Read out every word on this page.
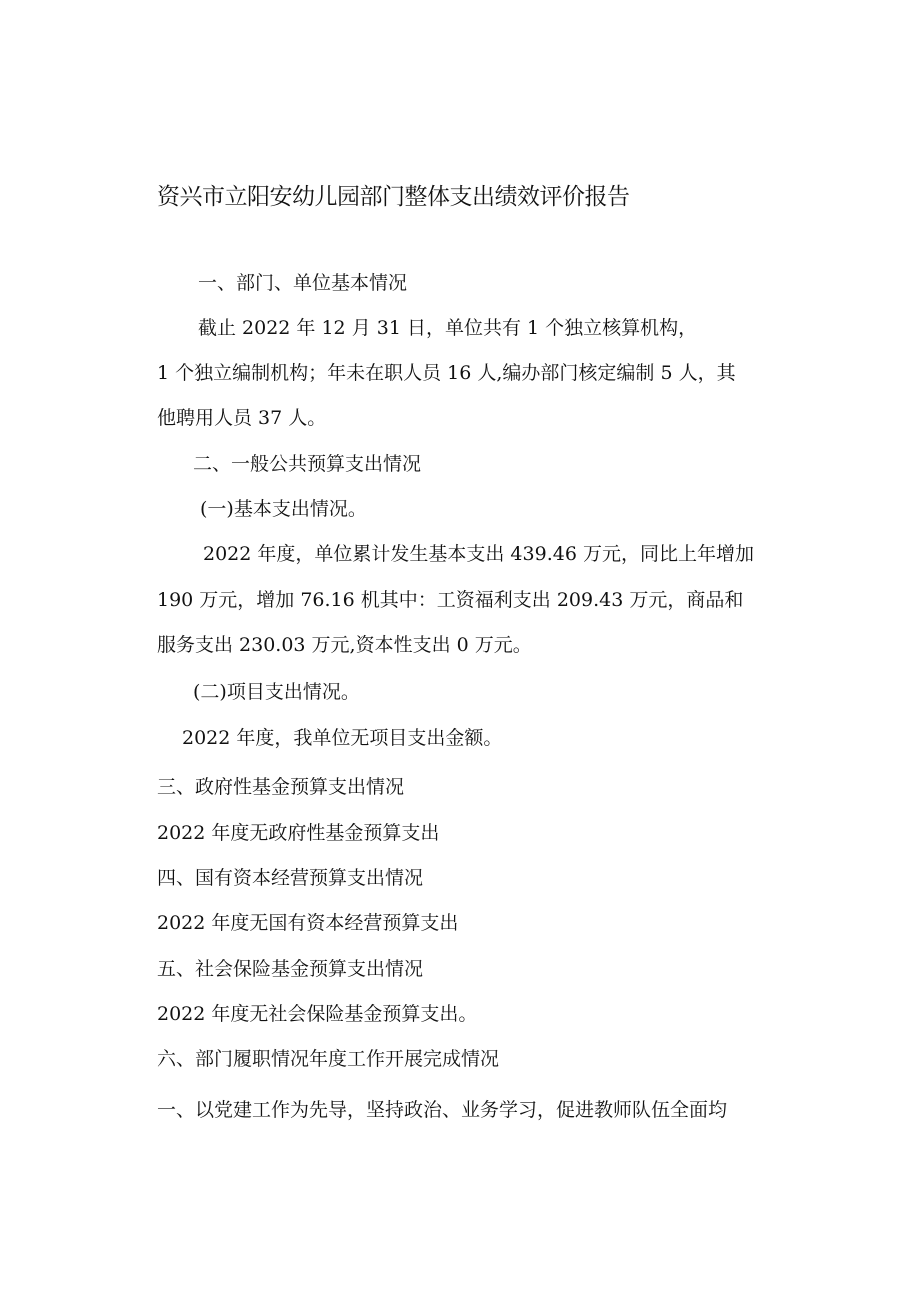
资兴市立阳安幼儿园部门整体支出绩效评价报告
一、部门、单位基本情况
截止 2022 年 12 月 31 日，单位共有 1 个独立核算机构，
1 个独立编制机构；年未在职人员 16 人,编办部门核定编制 5 人，其
他聘用人员 37 人。
二、一般公共预算支出情况
(一)基本支出情况。
2022 年度，单位累计发生基本支出 439.46 万元，同比上年增加
190 万元，增加 76.16 机其中：工资福利支出 209.43 万元，商品和
服务支出 230.03 万元,资本性支出 0 万元。
(二)项目支出情况。
2022 年度，我单位无项目支出金额。
三、政府性基金预算支出情况
2022 年度无政府性基金预算支出
四、国有资本经营预算支出情况
2022 年度无国有资本经营预算支出
五、社会保险基金预算支出情况
2022 年度无社会保险基金预算支出。
六、部门履职情况年度工作开展完成情况
一、以党建工作为先导，坚持政治、业务学习，促进教师队伍全面均
